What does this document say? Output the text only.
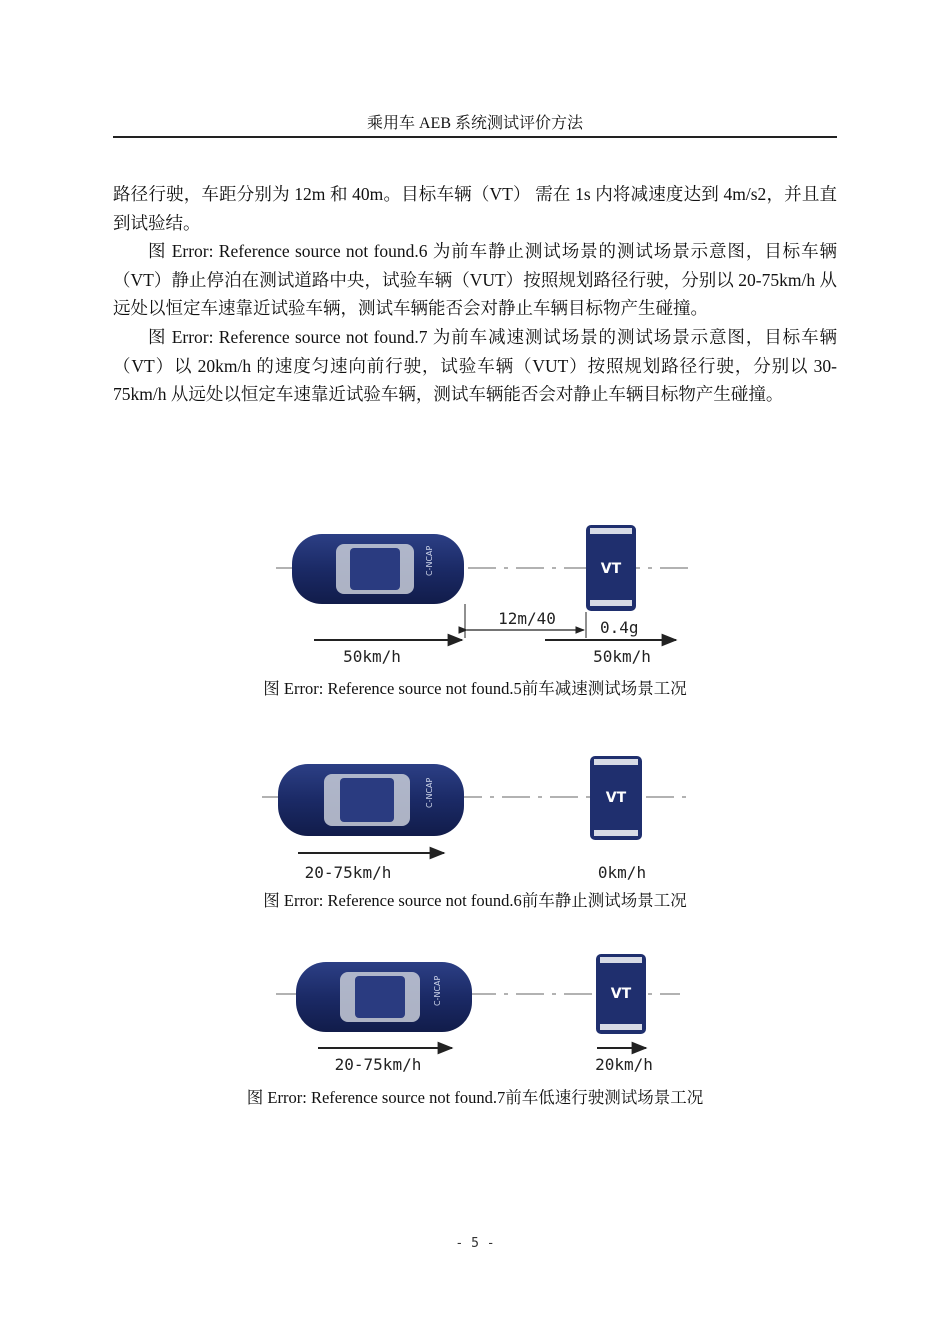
乘用车 AEB 系统测试评价方法

路径行驶，车距分别为 12m 和 40m。目标车辆（VT） 需在 1s 内将减速度达到 4m/s2，并且直到试验结。

图 Error: Reference source not found.6 为前车静止测试场景的测试场景示意图，目标车辆（VT）静止停泊在测试道路中央，试验车辆（VUT）按照规划路径行驶，分别以 20-75km/h 从远处以恒定车速靠近试验车辆，测试车辆能否会对静止车辆目标物产生碰撞。

图 Error: Reference source not found.7 为前车减速测试场景的测试场景示意图，目标车辆（VT）以 20km/h 的速度匀速向前行驶，试验车辆（VUT）按照规划路径行驶，分别以 30-75km/h 从远处以恒定车速靠近试验车辆，测试车辆能否会对静止车辆目标物产生碰撞。

C-NCAP	VT
12m/40	0.4g
50km/h	50km/h
图 Error: Reference source not found.5前车减速测试场景工况
C-NCAP	VT
20-75km/h	0km/h
图 Error: Reference source not found.6前车静止测试场景工况
C-NCAP	VT
20-75km/h	20km/h
图 Error: Reference source not found.7前车低速行驶测试场景工况
- 5 -
